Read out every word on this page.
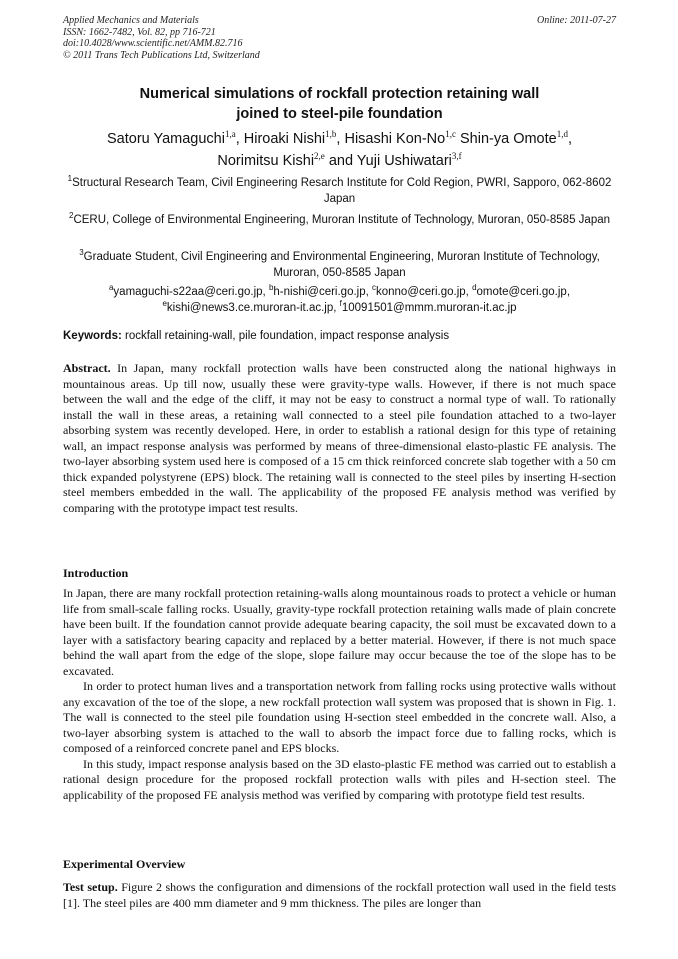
Applied Mechanics and Materials
ISSN: 1662-7482, Vol. 82, pp 716-721
doi:10.4028/www.scientific.net/AMM.82.716
© 2011 Trans Tech Publications Ltd, Switzerland
Online: 2011-07-27
Numerical simulations of rockfall protection retaining wall
joined to steel-pile foundation
Satoru Yamaguchi$^{1,a}$, Hiroaki Nishi$^{1,b}$, Hisashi Kon-No$^{1,c}$ Shin-ya Omote$^{1,d}$,
Norimitsu Kishi$^{2,e}$ and Yuji Ushiwatari$^{3,f}$
$^1$Structural Research Team, Civil Engineering Resarch Institute for Cold Region, PWRI, Sapporo, 062-8602 Japan
$^2$CERU, College of Environmental Engineering, Muroran Institute of Technology, Muroran, 050-8585 Japan
$^3$Graduate Student, Civil Engineering and Environmental Engineering, Muroran Institute of Technology, Muroran, 050-8585 Japan
$^a$yamaguchi-s22aa@ceri.go.jp, $^b$h-nishi@ceri.go.jp, $^c$konno@ceri.go.jp, $^d$omote@ceri.go.jp,
$^e$kishi@news3.ce.muroran-it.ac.jp, $^f$10091501@mmm.muroran-it.ac.jp
Keywords: rockfall retaining-wall, pile foundation, impact response analysis

Abstract. In Japan, many rockfall protection walls have been constructed along the national highways in mountainous areas. Up till now, usually these were gravity-type walls. However, if there is not much space between the wall and the edge of the cliff, it may not be easy to construct a normal type of wall. To rationally install the wall in these areas, a retaining wall connected to a steel pile foundation attached to a two-layer absorbing system was recently developed. Here, in order to establish a rational design for this type of retaining wall, an impact response analysis was performed by means of three-dimensional elasto-plastic FE analysis. The two-layer absorbing system used here is composed of a 15 cm thick reinforced concrete slab together with a 50 cm thick expanded polystyrene (EPS) block. The retaining wall is connected to the steel piles by inserting H-section steel members embedded in the wall. The applicability of the proposed FE analysis method was verified by comparing with the prototype impact test results.

Introduction

In Japan, there are many rockfall protection retaining-walls along mountainous roads to protect a vehicle or human life from small-scale falling rocks. Usually, gravity-type rockfall protection retaining walls made of plain concrete have been built. If the foundation cannot provide adequate bearing capacity, the soil must be excavated down to a layer with a satisfactory bearing capacity and replaced by a better material. However, if there is not much space behind the wall apart from the edge of the slope, slope failure may occur because the toe of the slope has to be excavated.

In order to protect human lives and a transportation network from falling rocks using protective walls without any excavation of the toe of the slope, a new rockfall protection wall system was proposed that is shown in Fig. 1. The wall is connected to the steel pile foundation using H-section steel embedded in the concrete wall. Also, a two-layer absorbing system is attached to the wall to absorb the impact force due to falling rocks, which is composed of a reinforced concrete panel and EPS blocks.

In this study, impact response analysis based on the 3D elasto-plastic FE method was carried out to establish a rational design procedure for the proposed rockfall protection walls with piles and H-section steel. The applicability of the proposed FE analysis method was verified by comparing with prototype field test results.

Experimental Overview

Test setup. Figure 2 shows the configuration and dimensions of the rockfall protection wall used in the field tests [1]. The steel piles are 400 mm diameter and 9 mm thickness. The piles are longer than
